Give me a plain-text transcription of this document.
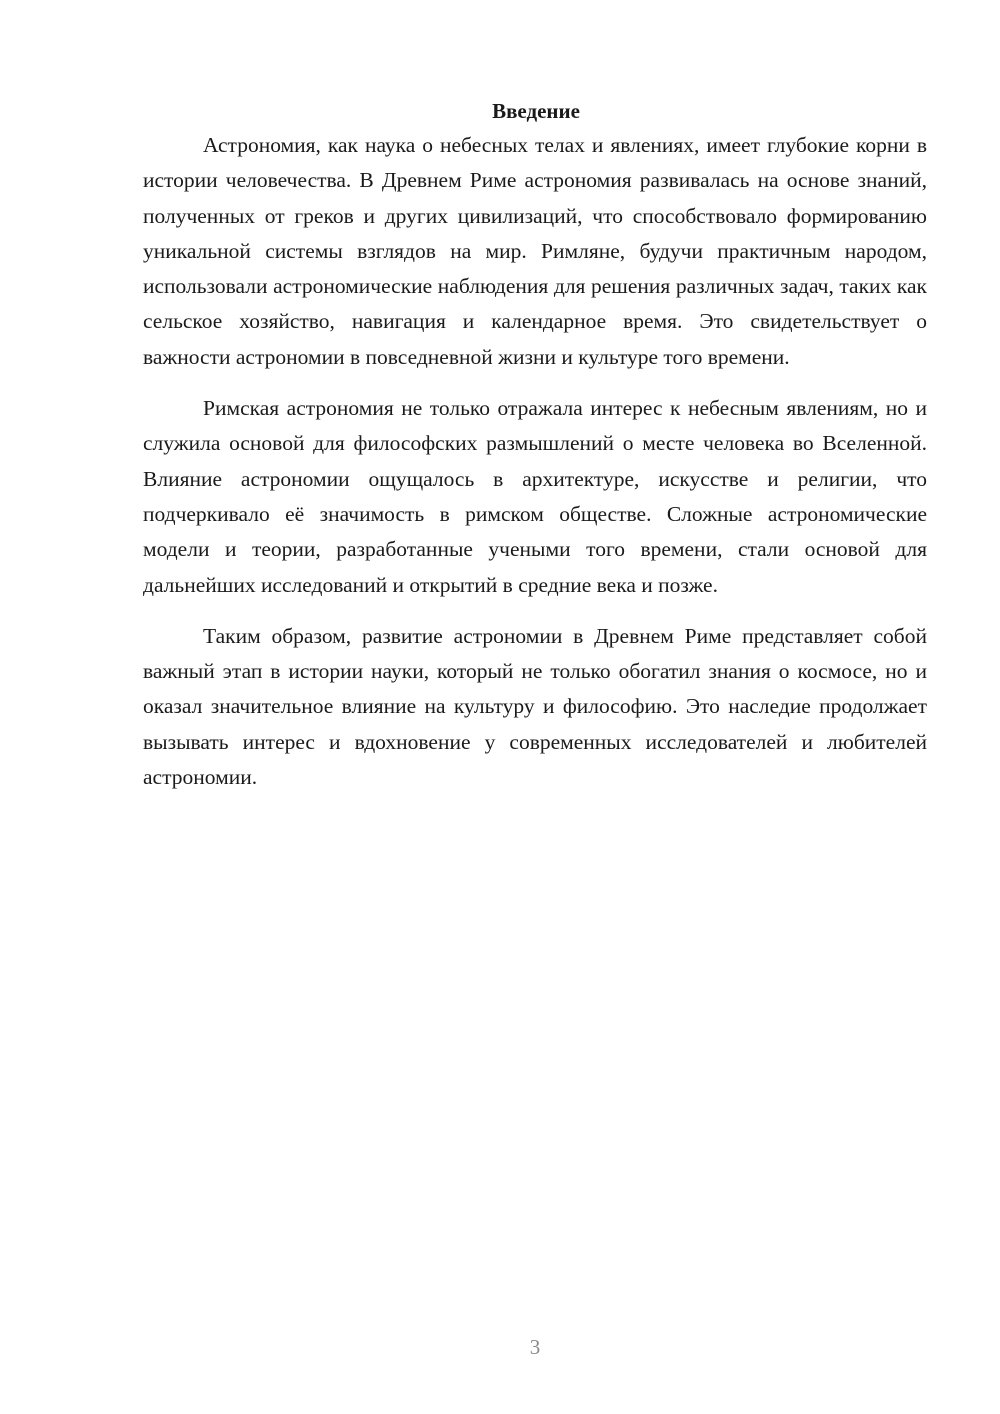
Введение

Астрономия, как наука о небесных телах и явлениях, имеет глубокие корни в истории человечества. В Древнем Риме астрономия развивалась на основе знаний, полученных от греков и других цивилизаций, что способствовало формированию уникальной системы взглядов на мир. Римляне, будучи практичным народом, использовали астрономические наблюдения для решения различных задач, таких как сельское хозяйство, навигация и календарное время. Это свидетельствует о важности астрономии в повседневной жизни и культуре того времени.

Римская астрономия не только отражала интерес к небесным явлениям, но и служила основой для философских размышлений о месте человека во Вселенной. Влияние астрономии ощущалось в архитектуре, искусстве и религии, что подчеркивало её значимость в римском обществе. Сложные астрономические модели и теории, разработанные учеными того времени, стали основой для дальнейших исследований и открытий в средние века и позже.

Таким образом, развитие астрономии в Древнем Риме представляет собой важный этап в истории науки, который не только обогатил знания о космосе, но и оказал значительное влияние на культуру и философию. Это наследие продолжает вызывать интерес и вдохновение у современных исследователей и любителей астрономии.

3
